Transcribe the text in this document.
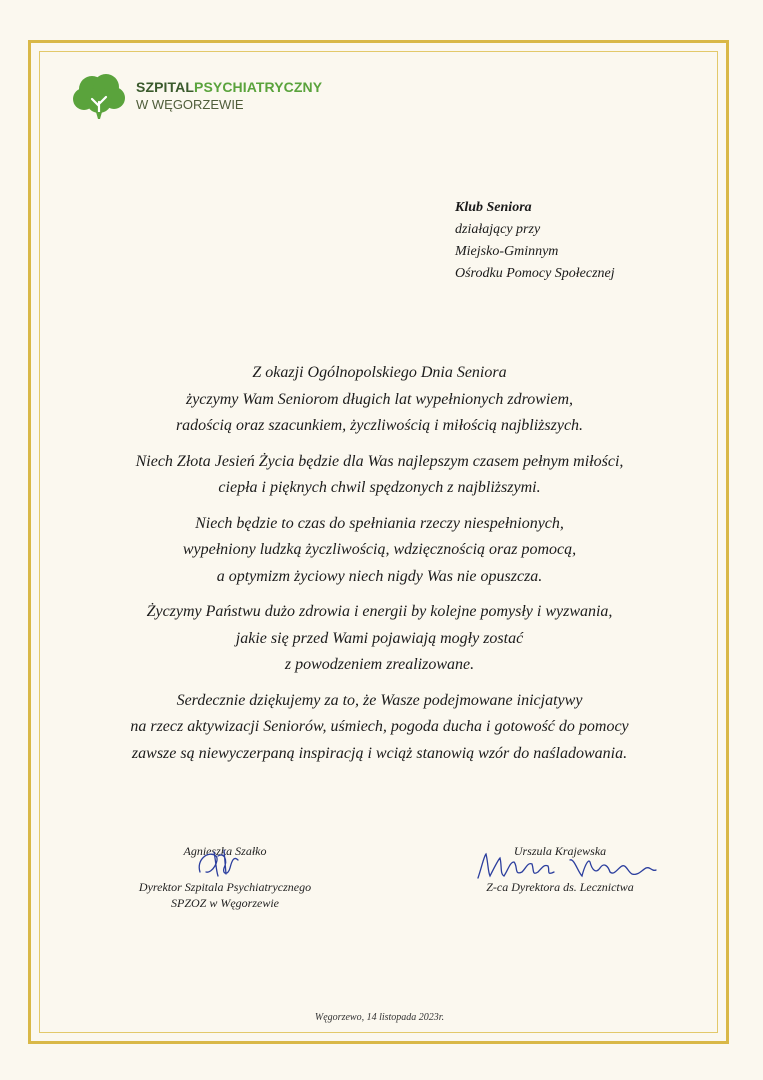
SZPITALPSYCHIATRYCZNY
W WĘGORZEWIE
Klub Seniora
działający przy
Miejsko-Gminnym
Ośrodku Pomocy Społecznej
Z okazji Ogólnopolskiego Dnia Seniora
życzymy Wam Seniorom długich lat wypełnionych zdrowiem,
radością oraz szacunkiem, życzliwością i miłością najbliższych.
Niech Złota Jesień Życia będzie dla Was najlepszym czasem pełnym miłości,
ciepła i pięknych chwil spędzonych z najbliższymi.
Niech będzie to czas do spełniania rzeczy niespełnionych,
wypełniony ludzką życzliwością, wdzięcznością oraz pomocą,
a optymizm życiowy niech nigdy Was nie opuszcza.
Życzymy Państwu dużo zdrowia i energii by kolejne pomysły i wyzwania,
jakie się przed Wami pojawiają mogły zostać
z powodzeniem zrealizowane.
Serdecznie dziękujemy za to, że Wasze podejmowane inicjatywy
na rzecz aktywizacji Seniorów, uśmiech, pogoda ducha i gotowość do pomocy
zawsze są niewyczerpaną inspiracją i wciąż stanowią wzór do naśladowania.
Agnieszka Szałko
Dyrektor Szpitala Psychiatrycznego
SPZOZ w Węgorzewie
Urszula Krajewska
Z-ca Dyrektora ds. Lecznictwa
Węgorzewo, 14 listopada 2023r.
